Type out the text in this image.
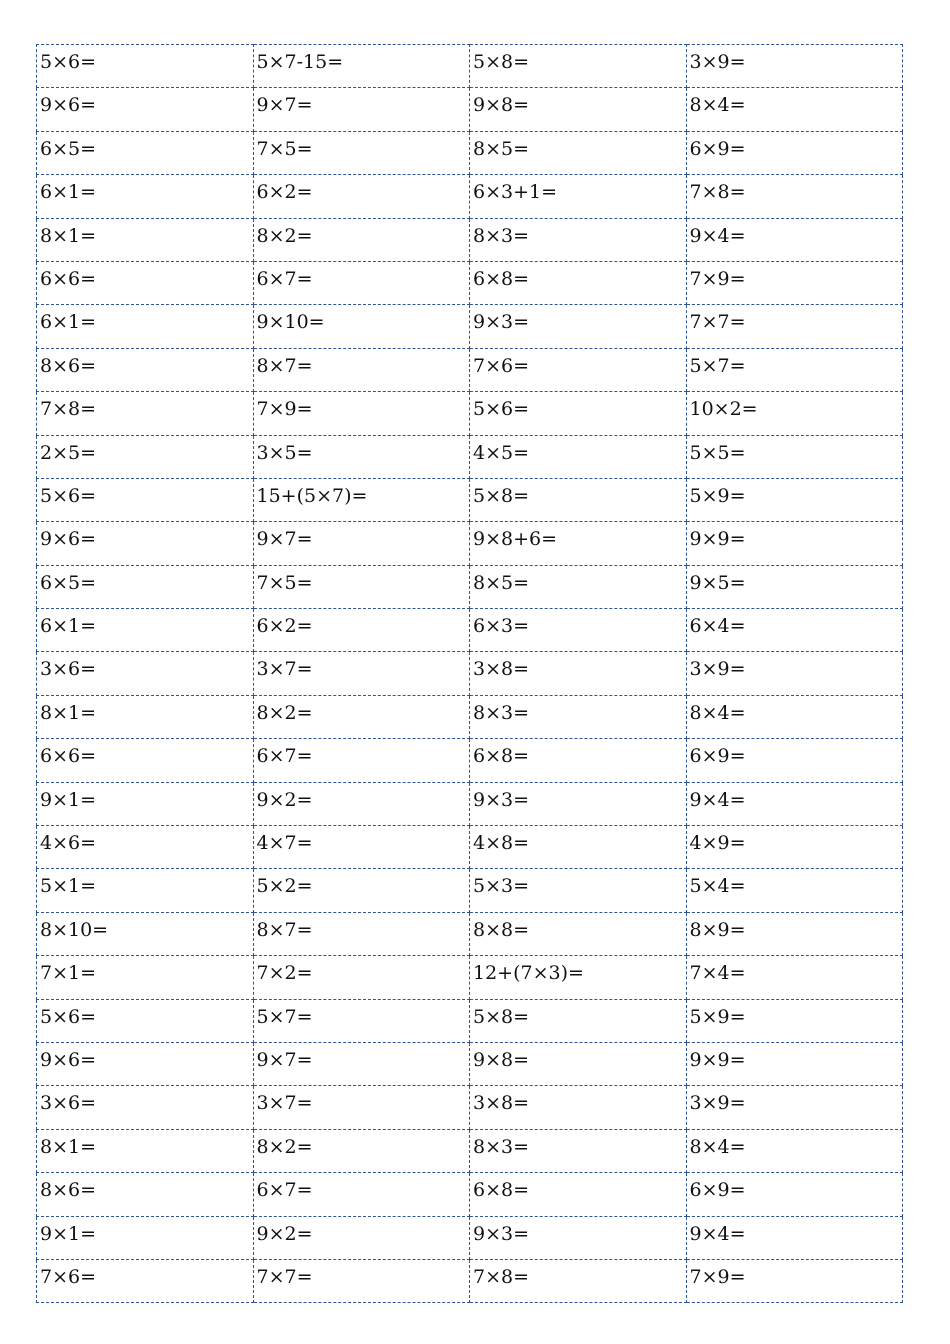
5×6=	5×7-15=	5×8=	3×9=
9×6=	9×7=	9×8=	8×4=
6×5=	7×5=	8×5=	6×9=
6×1=	6×2=	6×3+1=	7×8=
8×1=	8×2=	8×3=	9×4=
6×6=	6×7=	6×8=	7×9=
6×1=	9×10=	9×3=	7×7=
8×6=	8×7=	7×6=	5×7=
7×8=	7×9=	5×6=	10×2=
2×5=	3×5=	4×5=	5×5=
5×6=	15+(5×7)=	5×8=	5×9=
9×6=	9×7=	9×8+6=	9×9=
6×5=	7×5=	8×5=	9×5=
6×1=	6×2=	6×3=	6×4=
3×6=	3×7=	3×8=	3×9=
8×1=	8×2=	8×3=	8×4=
6×6=	6×7=	6×8=	6×9=
9×1=	9×2=	9×3=	9×4=
4×6=	4×7=	4×8=	4×9=
5×1=	5×2=	5×3=	5×4=
8×10=	8×7=	8×8=	8×9=
7×1=	7×2=	12+(7×3)=	7×4=
5×6=	5×7=	5×8=	5×9=
9×6=	9×7=	9×8=	9×9=
3×6=	3×7=	3×8=	3×9=
8×1=	8×2=	8×3=	8×4=
8×6=	6×7=	6×8=	6×9=
9×1=	9×2=	9×3=	9×4=
7×6=	7×7=	7×8=	7×9=
